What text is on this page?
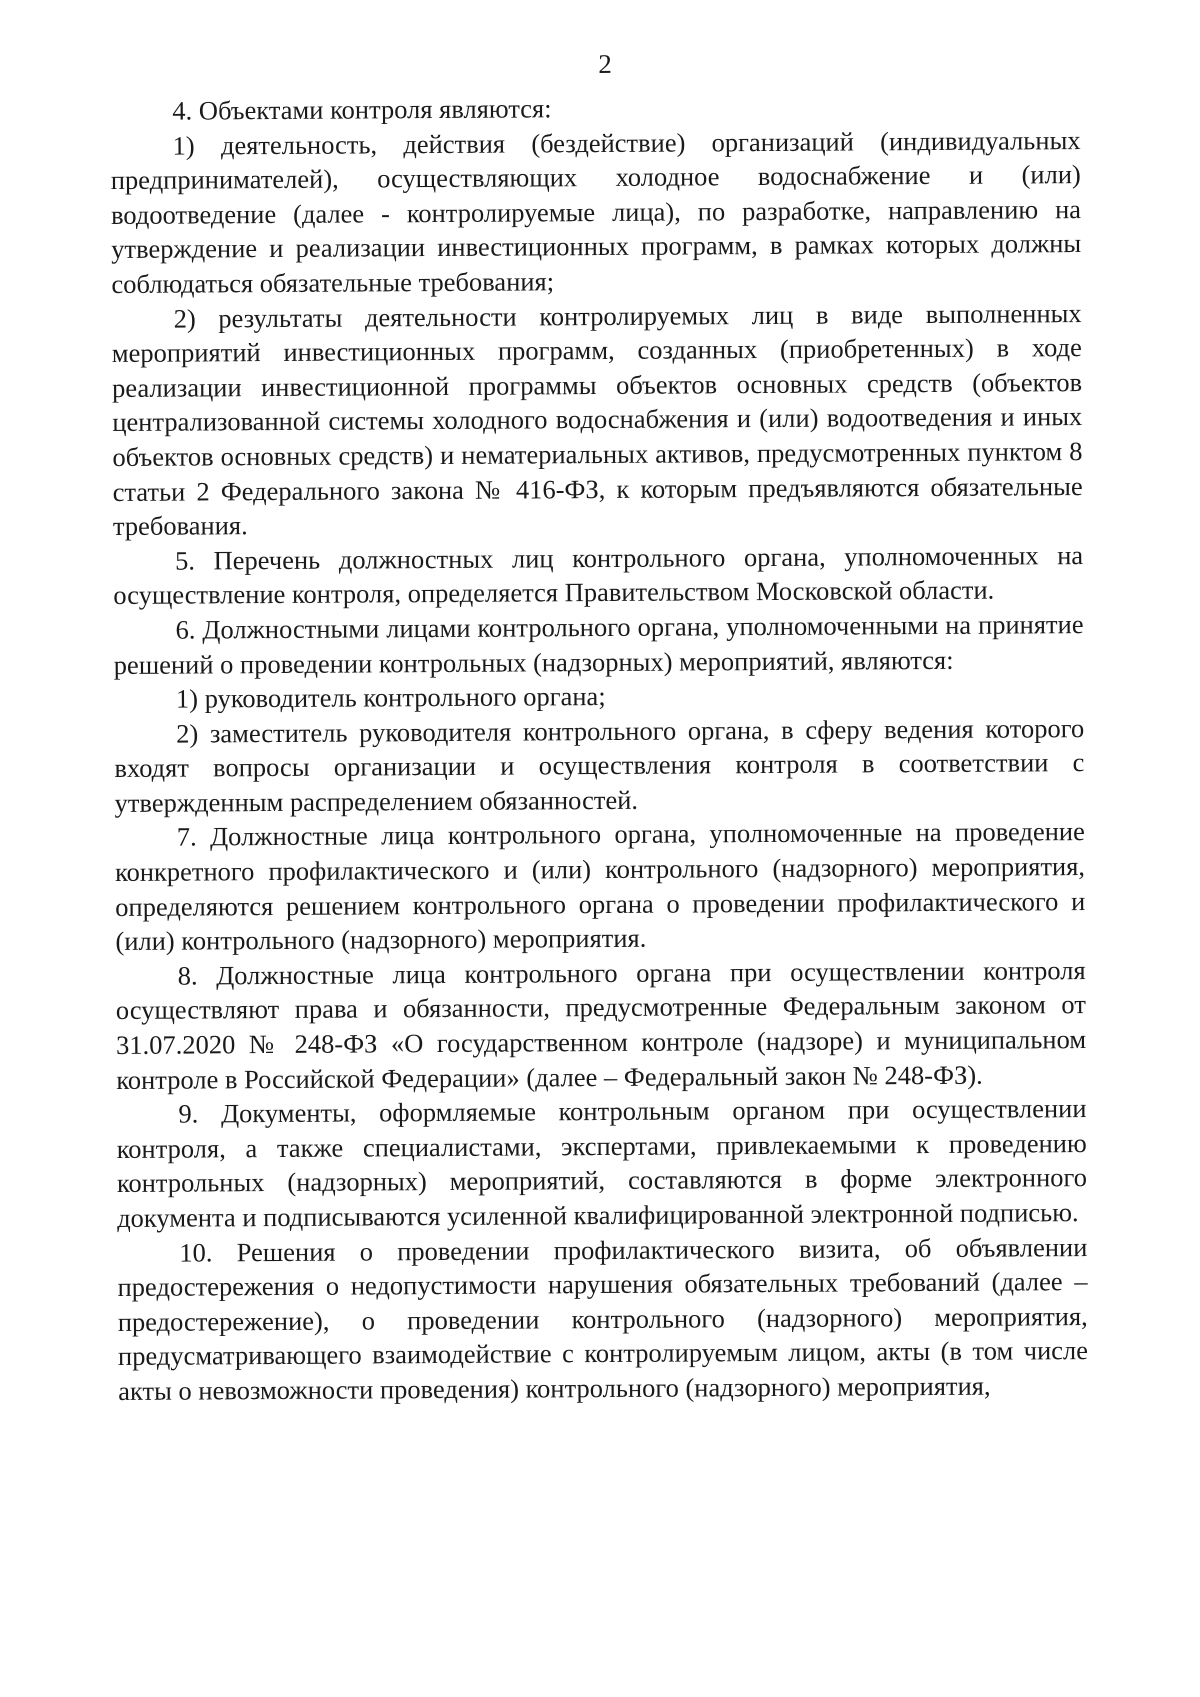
2

4. Объектами контроля являются:

1) деятельность, действия (бездействие) организаций (индивидуальных предпринимателей), осуществляющих холодное водоснабжение и (или) водоотведение (далее - контролируемые лица), по разработке, направлению на утверждение и реализации инвестиционных программ, в рамках которых должны соблюдаться обязательные требования;

2) результаты деятельности контролируемых лиц в виде выполненных мероприятий инвестиционных программ, созданных (приобретенных) в ходе реализации инвестиционной программы объектов основных средств (объектов централизованной системы холодного водоснабжения и (или) водоотведения и иных объектов основных средств) и нематериальных активов, предусмотренных пунктом 8 статьи 2 Федерального закона № 416-ФЗ, к которым предъявляются обязательные требования.

5. Перечень должностных лиц контрольного органа, уполномоченных на осуществление контроля, определяется Правительством Московской области.

6. Должностными лицами контрольного органа, уполномоченными на принятие решений о проведении контрольных (надзорных) мероприятий, являются:

1) руководитель контрольного органа;

2) заместитель руководителя контрольного органа, в сферу ведения которого входят вопросы организации и осуществления контроля в соответствии с утвержденным распределением обязанностей.

7. Должностные лица контрольного органа, уполномоченные на проведение конкретного профилактического и (или) контрольного (надзорного) мероприятия, определяются решением контрольного органа о проведении профилактического и (или) контрольного (надзорного) мероприятия.

8. Должностные лица контрольного органа при осуществлении контроля осуществляют права и обязанности, предусмотренные Федеральным законом от 31.07.2020 № 248-ФЗ «О государственном контроле (надзоре) и муниципальном контроле в Российской Федерации» (далее – Федеральный закон № 248-ФЗ).

9. Документы, оформляемые контрольным органом при осуществлении контроля, а также специалистами, экспертами, привлекаемыми к проведению контрольных (надзорных) мероприятий, составляются в форме электронного документа и подписываются усиленной квалифицированной электронной подписью.

10. Решения о проведении профилактического визита, об объявлении предостережения о недопустимости нарушения обязательных требований (далее – предостережение), о проведении контрольного (надзорного) мероприятия, предусматривающего взаимодействие с контролируемым лицом, акты (в том числе акты о невозможности проведения) контрольного (надзорного) мероприятия,
